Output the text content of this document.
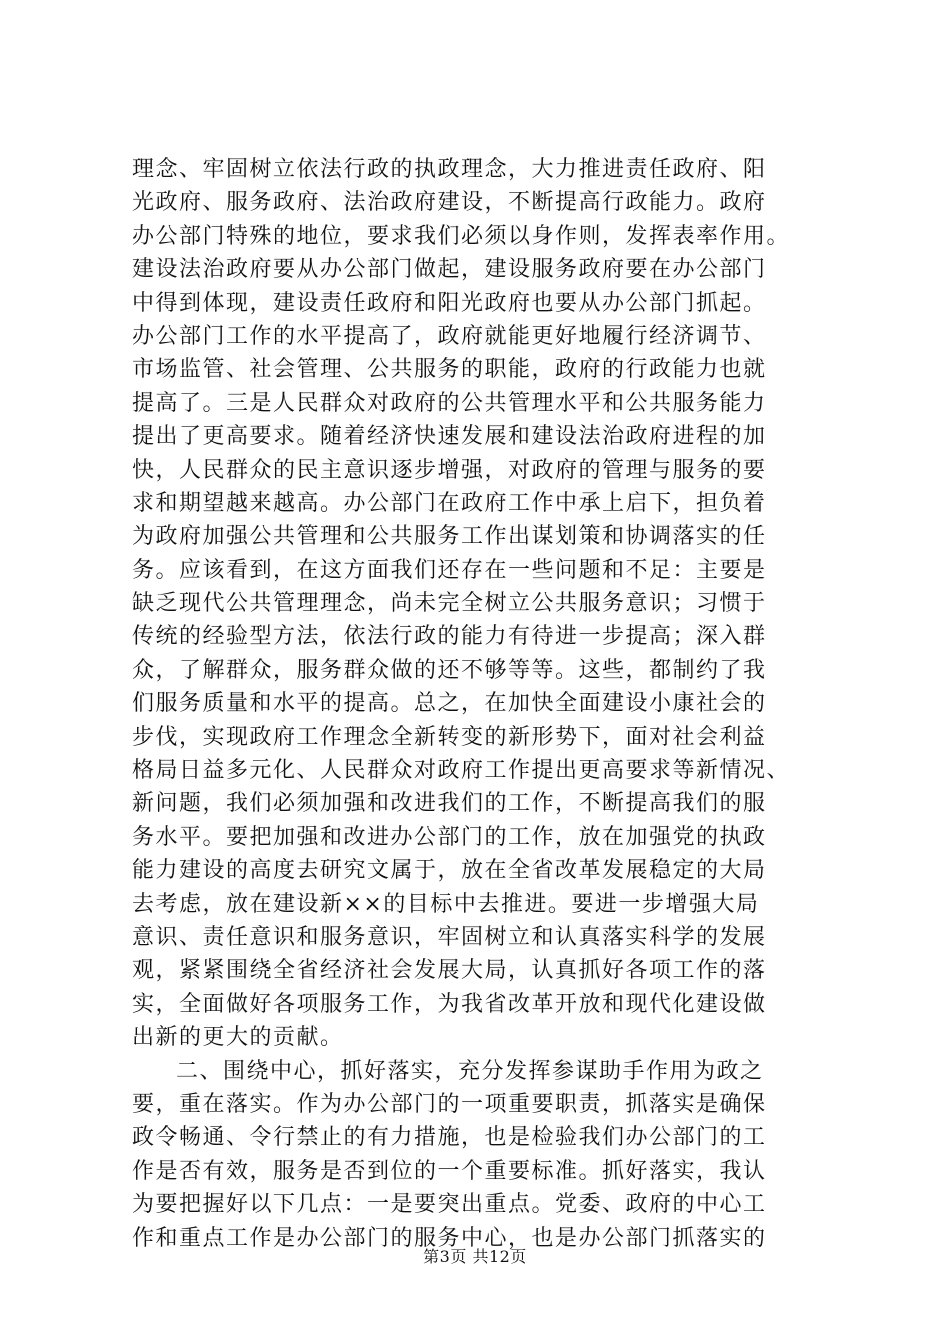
理念、牢固树立依法行政的执政理念，大力推进责任政府、阳
光政府、服务政府、法治政府建设，不断提高行政能力。政府
办公部门特殊的地位，要求我们必须以身作则，发挥表率作用。
建设法治政府要从办公部门做起，建设服务政府要在办公部门
中得到体现，建设责任政府和阳光政府也要从办公部门抓起。
办公部门工作的水平提高了，政府就能更好地履行经济调节、
市场监管、社会管理、公共服务的职能，政府的行政能力也就
提高了。三是人民群众对政府的公共管理水平和公共服务能力
提出了更高要求。随着经济快速发展和建设法治政府进程的加
快，人民群众的民主意识逐步增强，对政府的管理与服务的要
求和期望越来越高。办公部门在政府工作中承上启下，担负着
为政府加强公共管理和公共服务工作出谋划策和协调落实的任
务。应该看到，在这方面我们还存在一些问题和不足：主要是
缺乏现代公共管理理念，尚未完全树立公共服务意识；习惯于
传统的经验型方法，依法行政的能力有待进一步提高；深入群
众，了解群众，服务群众做的还不够等等。这些，都制约了我
们服务质量和水平的提高。总之，在加快全面建设小康社会的
步伐，实现政府工作理念全新转变的新形势下，面对社会利益
格局日益多元化、人民群众对政府工作提出更高要求等新情况、
新问题，我们必须加强和改进我们的工作，不断提高我们的服
务水平。要把加强和改进办公部门的工作，放在加强党的执政
能力建设的高度去研究文属于，放在全省改革发展稳定的大局
去考虑，放在建设新××的目标中去推进。要进一步增强大局
意识、责任意识和服务意识，牢固树立和认真落实科学的发展
观，紧紧围绕全省经济社会发展大局，认真抓好各项工作的落
实，全面做好各项服务工作，为我省改革开放和现代化建设做
出新的更大的贡献。
二、围绕中心，抓好落实，充分发挥参谋助手作用为政之
要，重在落实。作为办公部门的一项重要职责，抓落实是确保
政令畅通、令行禁止的有力措施，也是检验我们办公部门的工
作是否有效，服务是否到位的一个重要标准。抓好落实，我认
为要把握好以下几点：一是要突出重点。党委、政府的中心工
作和重点工作是办公部门的服务中心，也是办公部门抓落实的
第3页 共12页
